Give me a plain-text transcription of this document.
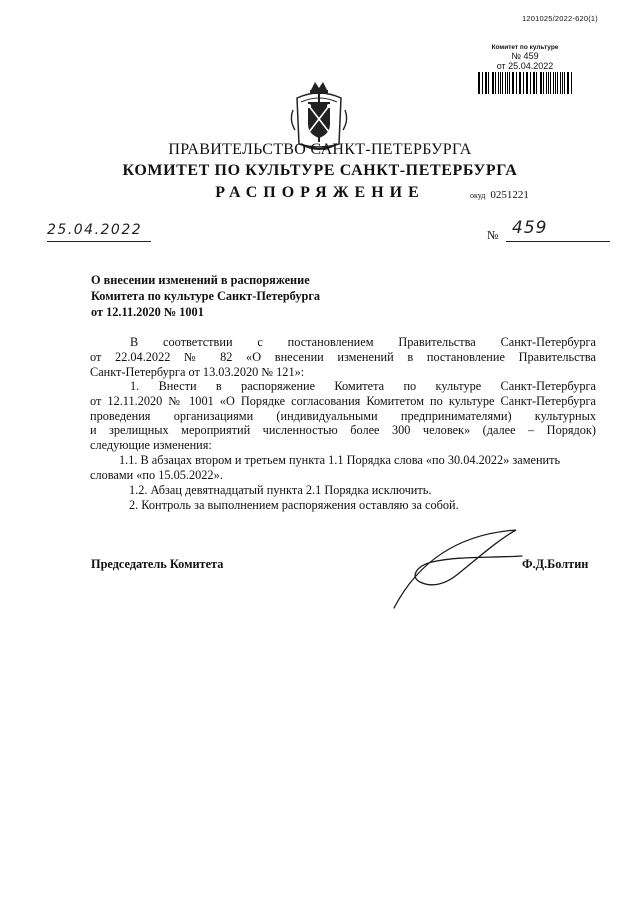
1201025/2022-620(1)
Комитет по культуре
№ 459
от 25.04.2022
ПРАВИТЕЛЬСТВО САНКТ-ПЕТЕРБУРГА
КОМИТЕТ ПО КУЛЬТУРЕ САНКТ-ПЕТЕРБУРГА
РАСПОРЯЖЕНИЕ	окуд 0251221
25.04.2022	№ 459
О внесении изменений в распоряжение
Комитета по культуре Санкт-Петербурга
от 12.11.2020 № 1001
В соответствии с постановлением Правительства Санкт-Петербурга
от 22.04.2022 № 82 «О внесении изменений в постановление Правительства
Санкт-Петербурга от 13.03.2020 № 121»:
1. Внести в распоряжение Комитета по культуре Санкт-Петербурга
от 12.11.2020 № 1001 «О Порядке согласования Комитетом по культуре Санкт-Петербурга
проведения организациями (индивидуальными предпринимателями) культурных
и зрелищных мероприятий численностью более 300 человек» (далее – Порядок)
следующие изменения:
1.1. В абзацах втором и третьем пункта 1.1 Порядка слова «по 30.04.2022» заменить
словами «по 15.05.2022».
1.2. Абзац девятнадцатый пункта 2.1 Порядка исключить.
2. Контроль за выполнением распоряжения оставляю за собой.
Председатель Комитета	Ф.Д.Болтин
